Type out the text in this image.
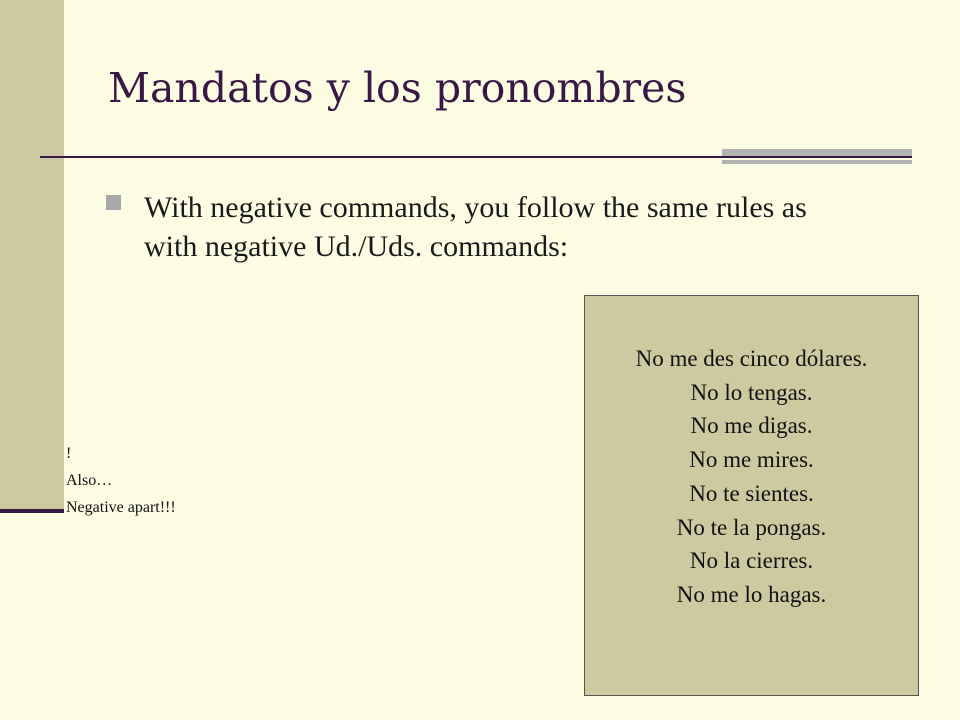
Mandatos y los pronombres
With negative commands, you follow the same rules as with negative Ud./Uds. commands:
!
Also…
Negative apart!!!
No me des cinco dólares.
No lo tengas.
No me digas.
No me mires.
No te sientes.
No te la pongas.
No la cierres.
No me lo hagas.
